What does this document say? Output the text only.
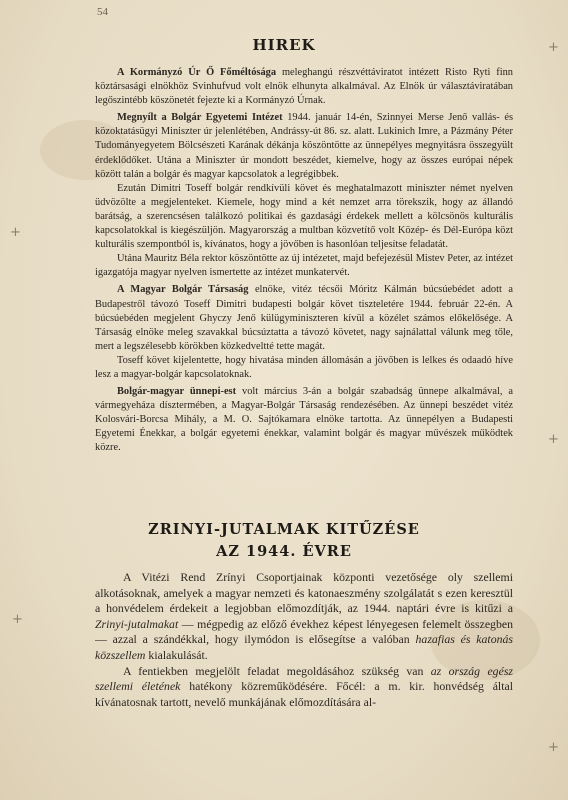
+
+
+
+
+
54
HIREK

A Kormányzó Úr Ő Főméltósága meleghangú részvéttáviratot intézett Risto Ryti finn köztársasági elnökhöz Svinhufvud volt elnök elhunyta alkalmával. Az Elnök úr választáviratában legőszintébb köszönetét fejezte ki a Kormányzó Úrnak.

Megnyílt a Bolgár Egyetemi Intézet 1944. január 14-én, Szinnyei Merse Jenő vallás- és közoktatásügyi Miniszter úr jelenlétében, Andrássy-út 86. sz. alatt. Lukinich Imre, a Pázmány Péter Tudományegyetem Bölcsészeti Karának dékánja köszöntötte az ünnepélyes megnyitásra összegyült érdeklődőket. Utána a Miniszter úr mondott beszédet, kiemelve, hogy az összes európai népek között talán a bolgár és magyar kapcsolatok a legrégibbek.

Ezután Dimitri Toseff bolgár rendkívüli követ és meghatalmazott miniszter német nyelven üdvözölte a megjelenteket. Kiemele, hogy mind a két nemzet arra törekszik, hogy az állandó barátság, a szerencsésen találkozó politikai és gazdasági érdekek mellett a kölcsönös kulturális kapcsolatokkal is kiegészüljön. Magyarország a multban közvetítő volt Közép- és Dél-Európa közt kulturális szempontból is, kívánatos, hogy a jövőben is hasonlóan teljesítse feladatát.

Utána Mauritz Béla rektor köszöntötte az új intézetet, majd befejezésül Mistev Peter, az intézet igazgatója magyar nyelven ismertette az intézet munkatervét.

A Magyar Bolgár Társaság elnöke, vitéz técsői Móritz Kálmán búcsúebédet adott a Budapestről távozó Toseff Dimitri budapesti bolgár követ tiszteletére 1944. február 22-én. A búcsúebéden megjelent Ghyczy Jenő külügyminiszteren kívül a közélet számos előkelősége. A Társaság elnöke meleg szavakkal búcsúztatta a távozó követet, nagy sajnálattal válunk meg tőle, mert a legszélesebb körökben közkedveltté tette magát.

Toseff követ kijelentette, hogy hivatása minden állomásán a jövőben is lelkes és odaadó híve lesz a magyar-bolgár kapcsolatoknak.

Bolgár-magyar ünnepi-est volt március 3-án a bolgár szabadság ünnepe alkalmával, a vármegyeháza dísztermében, a Magyar-Bolgár Társaság rendezésében. Az ünnepi beszédet vitéz Kolosvári-Borcsa Mihály, a M. O. Sajtókamara elnöke tartotta. Az ünnepélyen a Budapesti Egyetemi Énekkar, a bolgár egyetemi énekkar, valamint bolgár és magyar művészek működtek közre.

ZRINYI-JUTALMAK KITŰZÉSE
AZ 1944. ÉVRE

A Vitézi Rend Zrínyi Csoportjainak központi vezetősége oly szellemi alkotásoknak, amelyek a magyar nemzeti és katonaeszmény szolgálatát s ezen keresztül a honvédelem érdekeit a legjobban előmozdítják, az 1944. naptári évre is kitűzi a Zrinyi-jutalmakat — mégpedig az előző évekhez képest lényegesen felemelt összegben — azzal a szándékkal, hogy ilymódon is elősegítse a valóban hazafias és katonás közszellem kialakulását.

A fentiekben megjelölt feladat megoldásához szükség van az ország egész szellemi életének hatékony közreműködésére. Főcél: a m. kir. honvédség által kívánatosnak tartott, nevelő munkájának előmozdítására al-
